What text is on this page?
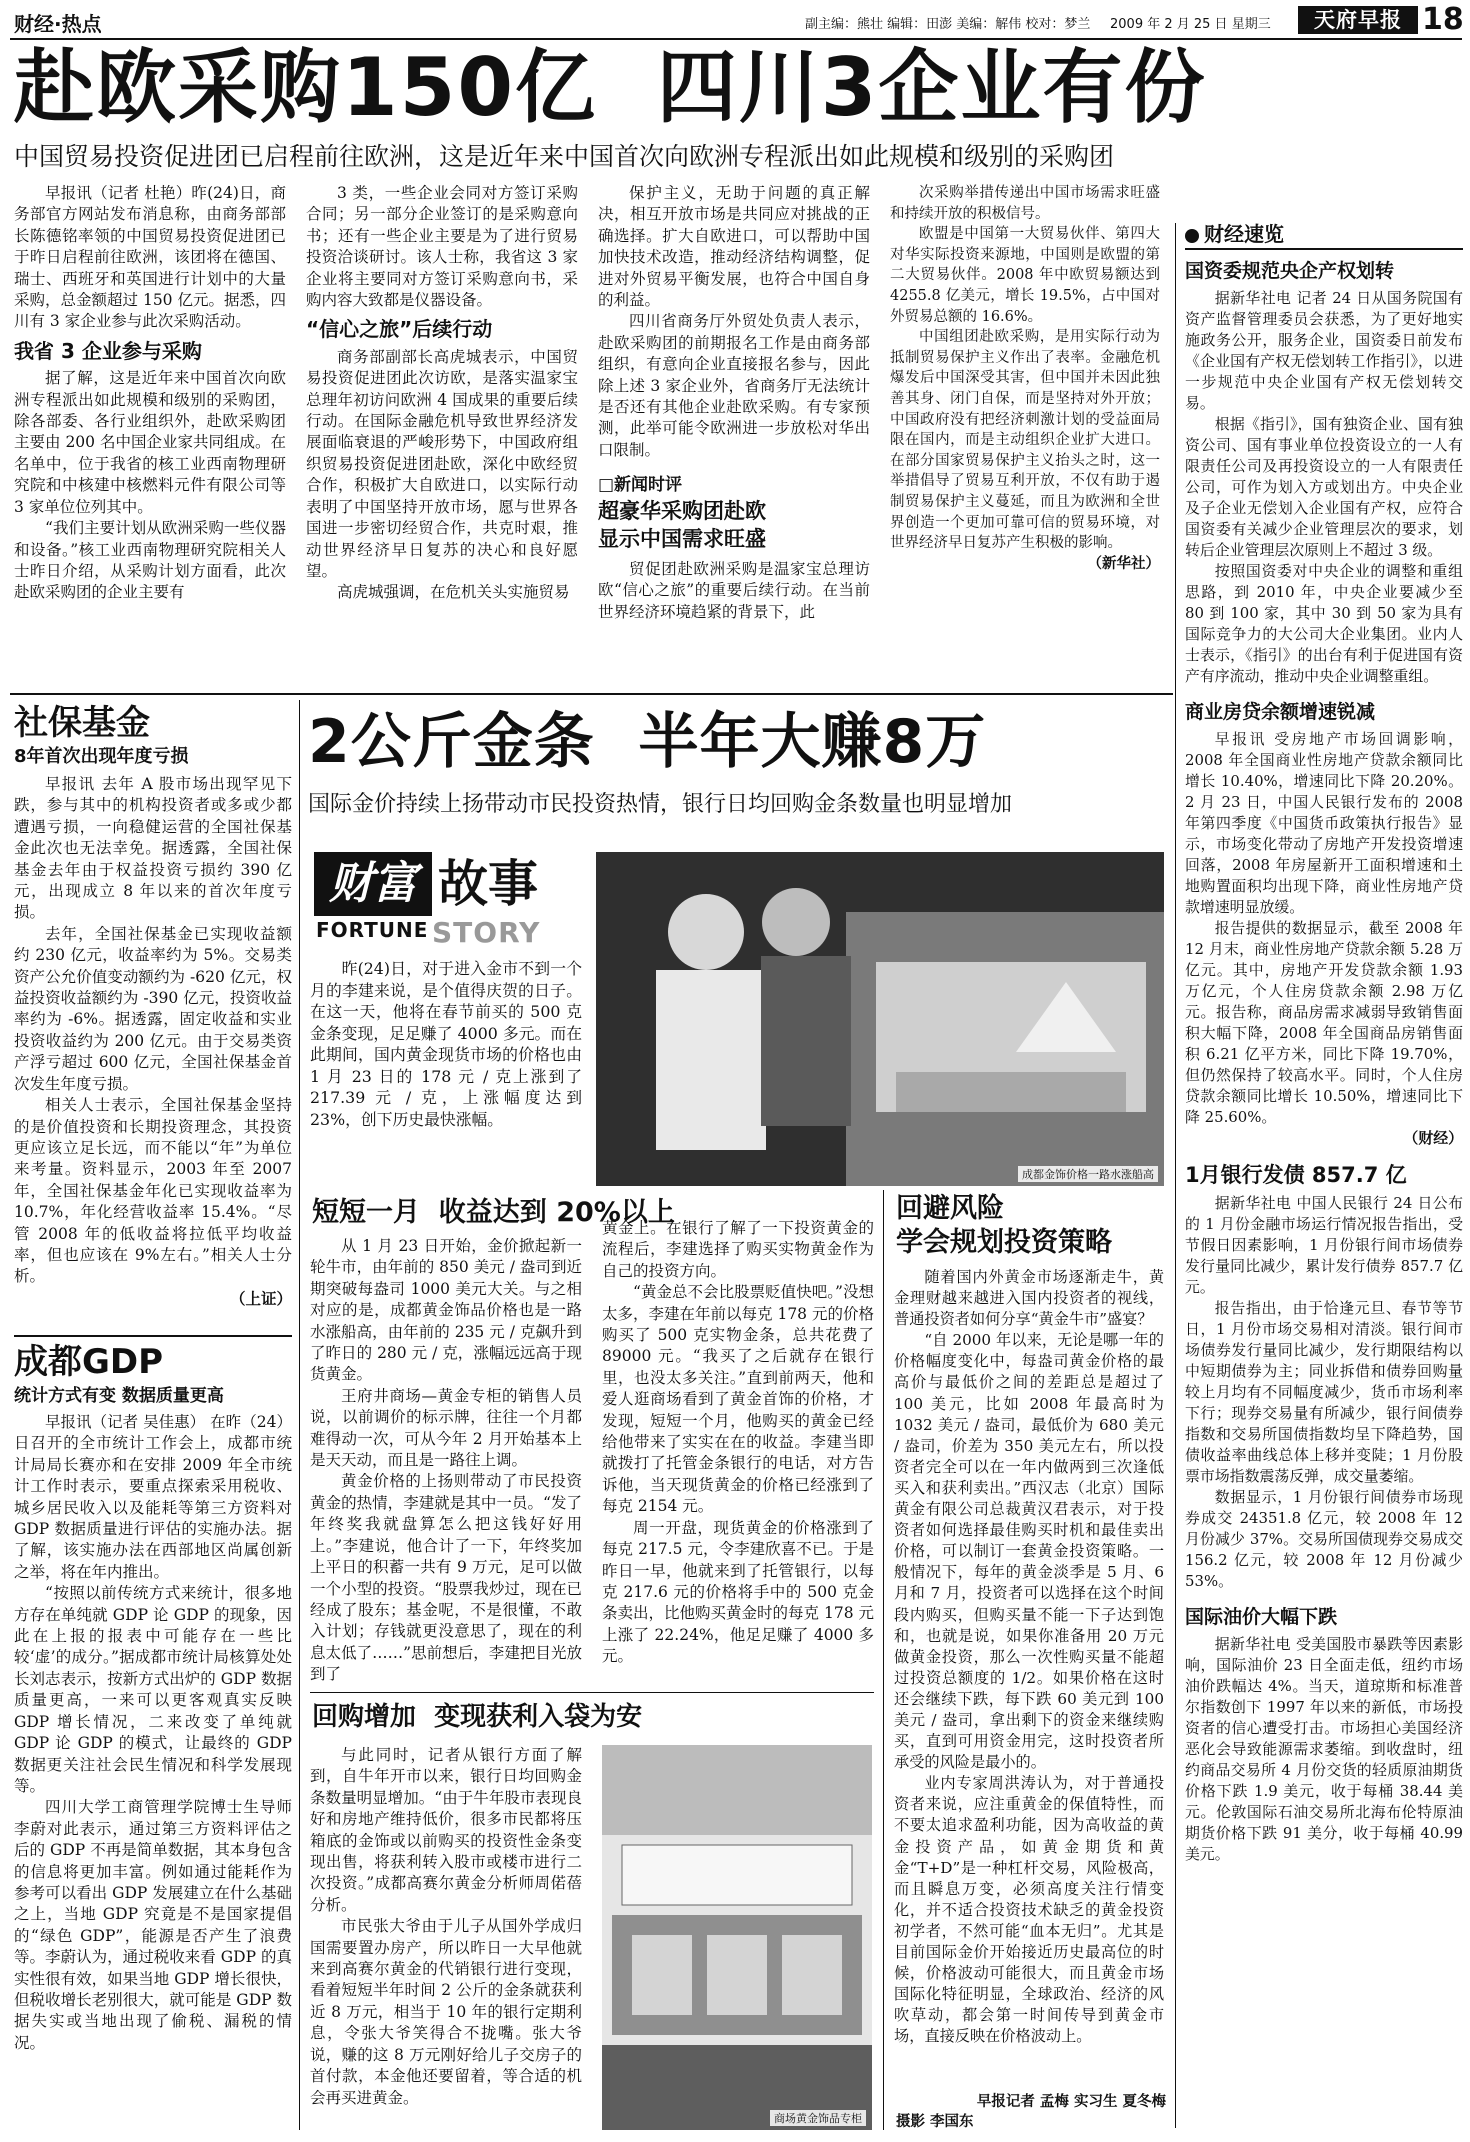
财经·热点	副主编：熊壮 编辑：田澎 美编：解伟 校对：梦兰 2009 年 2 月 25 日 星期三	天府早报 18
赴欧采购150亿  四川3企业有份
中国贸易投资促进团已启程前往欧洲，这是近年来中国首次向欧洲专程派出如此规模和级别的采购团

早报讯（记者 杜艳）昨(24)日，商务部官方网站发布消息称，由商务部部长陈德铭率领的中国贸易投资促进团已于昨日启程前往欧洲，该团将在德国、瑞士、西班牙和英国进行计划中的大量采购，总金额超过 150 亿元。据悉，四川有 3 家企业参与此次采购活动。

我省 3 企业参与采购

据了解，这是近年来中国首次向欧洲专程派出如此规模和级别的采购团，除各部委、各行业组织外，赴欧采购团主要由 200 名中国企业家共同组成。在名单中，位于我省的核工业西南物理研究院和中核建中核燃料元件有限公司等 3 家单位位列其中。

“我们主要计划从欧洲采购一些仪器和设备。”核工业西南物理研究院相关人士昨日介绍，从采购计划方面看，此次赴欧采购团的企业主要有

3 类，一些企业会同对方签订采购合同；另一部分企业签订的是采购意向书；还有一些企业主要是为了进行贸易投资洽谈研讨。该人士称，我省这 3 家企业将主要同对方签订采购意向书，采购内容大致都是仪器设备。

“信心之旅”后续行动

商务部副部长高虎城表示，中国贸易投资促进团此次访欧，是落实温家宝总理年初访问欧洲 4 国成果的重要后续行动。在国际金融危机导致世界经济发展面临衰退的严峻形势下，中国政府组织贸易投资促进团赴欧，深化中欧经贸合作，积极扩大自欧进口，以实际行动表明了中国坚持开放市场，愿与世界各国进一步密切经贸合作，共克时艰，推动世界经济早日复苏的决心和良好愿望。

高虎城强调，在危机关头实施贸易

保护主义，无助于问题的真正解决，相互开放市场是共同应对挑战的正确选择。扩大自欧进口，可以帮助中国加快技术改造，推动经济结构调整，促进对外贸易平衡发展，也符合中国自身的利益。

四川省商务厅外贸处负责人表示，赴欧采购团的前期报名工作是由商务部组织，有意向企业直接报名参与，因此除上述 3 家企业外，省商务厅无法统计是否还有其他企业赴欧采购。有专家预测，此举可能令欧洲进一步放松对华出口限制。

□新闻时评
超豪华采购团赴欧
显示中国需求旺盛

贸促团赴欧洲采购是温家宝总理访欧“信心之旅”的重要后续行动。在当前世界经济环境趋紧的背景下，此

次采购举措传递出中国市场需求旺盛和持续开放的积极信号。

欧盟是中国第一大贸易伙伴、第四大对华实际投资来源地，中国则是欧盟的第二大贸易伙伴。2008 年中欧贸易额达到 4255.8 亿美元，增长 19.5%，占中国对外贸易总额的 16.6%。

中国组团赴欧采购，是用实际行动为抵制贸易保护主义作出了表率。金融危机爆发后中国深受其害，但中国并未因此独善其身、闭门自保，而是坚持对外开放；中国政府没有把经济刺激计划的受益面局限在国内，而是主动组织企业扩大进口。在部分国家贸易保护主义抬头之时，这一举措倡导了贸易互利开放，不仅有助于遏制贸易保护主义蔓延，而且为欧洲和全世界创造一个更加可靠可信的贸易环境，对世界经济早日复苏产生积极的影响。

（新华社）
财经速览
国资委规范央企产权划转

据新华社电 记者 24 日从国务院国有资产监督管理委员会获悉，为了更好地实施政务公开，服务企业，国资委日前发布《企业国有产权无偿划转工作指引》，以进一步规范中央企业国有产权无偿划转交易。

根据《指引》，国有独资企业、国有独资公司、国有事业单位投资设立的一人有限责任公司及再投资设立的一人有限责任公司，可作为划入方或划出方。中央企业及子企业无偿划入企业国有产权，应符合国资委有关减少企业管理层次的要求，划转后企业管理层次原则上不超过 3 级。

按照国资委对中央企业的调整和重组思路，到 2010 年，中央企业要减少至 80 到 100 家，其中 30 到 50 家为具有国际竞争力的大公司大企业集团。业内人士表示，《指引》的出台有利于促进国有资产有序流动，推动中央企业调整重组。

商业房贷余额增速锐减

早报讯 受房地产市场回调影响，2008 年全国商业性房地产贷款余额同比增长 10.40%，增速同比下降 20.20%。2 月 23 日，中国人民银行发布的 2008 年第四季度《中国货币政策执行报告》显示，市场变化带动了房地产开发投资增速回落，2008 年房屋新开工面积增速和土地购置面积均出现下降，商业性房地产贷款增速明显放缓。

报告提供的数据显示，截至 2008 年 12 月末，商业性房地产贷款余额 5.28 万亿元。其中，房地产开发贷款余额 1.93 万亿元，个人住房贷款余额 2.98 万亿元。报告称，商品房需求减弱导致销售面积大幅下降，2008 年全国商品房销售面积 6.21 亿平方米，同比下降 19.70%，但仍然保持了较高水平。同时，个人住房贷款余额同比增长 10.50%，增速同比下降 25.60%。

（财经）
1月银行发债 857.7 亿

据新华社电 中国人民银行 24 日公布的 1 月份金融市场运行情况报告指出，受节假日因素影响，1 月份银行间市场债券发行量同比减少，累计发行债券 857.7 亿元。

报告指出，由于恰逢元旦、春节等节日，1 月份市场交易相对清淡。银行间市场债券发行量同比减少，发行期限结构以中短期债券为主；同业拆借和债券回购量较上月均有不同幅度减少，货币市场利率下行；现券交易量有所减少，银行间债券指数和交易所国债指数均呈下降趋势，国债收益率曲线总体上移并变陡；1 月份股票市场指数震荡反弹，成交量萎缩。

数据显示，1 月份银行间债券市场现券成交 24351.8 亿元，较 2008 年 12 月份减少 37%。交易所国债现券交易成交 156.2 亿元，较 2008 年 12 月份减少 53%。

国际油价大幅下跌

据新华社电 受美国股市暴跌等因素影响，国际油价 23 日全面走低，纽约市场油价跌幅达 4%。当天，道琼斯和标准普尔指数创下 1997 年以来的新低，市场投资者的信心遭受打击。市场担心美国经济恶化会导致能源需求萎缩。到收盘时，纽约商品交易所 4 月份交货的轻质原油期货价格下跌 1.9 美元，收于每桶 38.44 美元。伦敦国际石油交易所北海布伦特原油期货价格下跌 91 美分，收于每桶 40.99 美元。

社保基金
8年首次出现年度亏损

早报讯 去年 A 股市场出现罕见下跌，参与其中的机构投资者或多或少都遭遇亏损，一向稳健运营的全国社保基金此次也无法幸免。据透露，全国社保基金去年由于权益投资亏损约 390 亿元，出现成立 8 年以来的首次年度亏损。

去年，全国社保基金已实现收益额约 230 亿元，收益率约为 5%。交易类资产公允价值变动额约为 -620 亿元，权益投资收益额约为 -390 亿元，投资收益率约为 -6%。据透露，固定收益和实业投资收益约为 200 亿元。由于交易类资产浮亏超过 600 亿元，全国社保基金首次发生年度亏损。

相关人士表示，全国社保基金坚持的是价值投资和长期投资理念，其投资更应该立足长远，而不能以“年”为单位来考量。资料显示，2003 年至 2007 年，全国社保基金年化已实现收益率为 10.7%，年化经营收益率 15.4%。“尽管 2008 年的低收益将拉低平均收益率，但也应该在 9%左右。”相关人士分析。

（上证）
成都GDP
统计方式有变 数据质量更高

早报讯（记者 吴佳惠） 在昨（24）日召开的全市统计工作会上，成都市统计局局长赛亦和在安排 2009 年全市统计工作时表示，要重点探索采用税收、城乡居民收入以及能耗等第三方资料对 GDP 数据质量进行评估的实施办法。据了解，该实施办法在西部地区尚属创新之举，将在年内推出。

“按照以前传统方式来统计，很多地方存在单纯就 GDP 论 GDP 的现象，因此在上报的报表中可能存在一些比较‘虚’的成分。”据成都市统计局核算处处长刘志表示，按新方式出炉的 GDP 数据质量更高，一来可以更客观真实反映 GDP 增长情况，二来改变了单纯就 GDP 论 GDP 的模式，让最终的 GDP 数据更关注社会民生情况和科学发展现等。

四川大学工商管理学院博士生导师李蔚对此表示，通过第三方资料评估之后的 GDP 不再是简单数据，其本身包含的信息将更加丰富。例如通过能耗作为参考可以看出 GDP 发展建立在什么基础之上，当地 GDP 究竟是不是国家提倡的“绿色 GDP”，能源是否产生了浪费等。李蔚认为，通过税收来看 GDP 的真实性很有效，如果当地 GDP 增长很快，但税收增长老别很大，就可能是 GDP 数据失实或当地出现了偷税、漏税的情况。

2公斤金条  半年大赚8万
国际金价持续上扬带动市民投资热情，银行日均回购金条数量也明显增加
财富 故事
FORTUNE STORY

昨(24)日，对于进入金市不到一个月的李建来说，是个值得庆贺的日子。在这一天，他将在春节前买的 500 克金条变现，足足赚了 4000 多元。而在此期间，国内黄金现货市场的价格也由 1 月 23 日的 178 元 / 克上涨到了 217.39 元 / 克，上涨幅度达到 23%，创下历史最快涨幅。

成都金饰价格一路水涨船高
短短一月  收益达到 20%以上

从 1 月 23 日开始，金价掀起新一轮牛市，由年前的 850 美元 / 盎司到近期突破每盎司 1000 美元大关。与之相对应的是，成都黄金饰品价格也是一路水涨船高，由年前的 235 元 / 克飙升到了昨日的 280 元 / 克，涨幅远远高于现货黄金。

王府井商场—黄金专柜的销售人员说，以前调价的标示牌，往往一个月都难得动一次，可从今年 2 月开始基本上是天天动，而且是一路往上调。

黄金价格的上扬则带动了市民投资黄金的热情，李建就是其中一员。“发了年终奖我就盘算怎么把这钱好好用上。”李建说，他合计了一下，年终奖加上平日的积蓄一共有 9 万元，足可以做一个小型的投资。“股票我炒过，现在已经成了股东；基金呢，不是很懂，不敢入计划；存钱就更没意思了，现在的利息太低了……”思前想后，李建把目光放到了

黄金上。在银行了解了一下投资黄金的流程后，李建选择了购买实物黄金作为自己的投资方向。

“黄金总不会比股票贬值快吧。”没想太多，李建在年前以每克 178 元的价格购买了 500 克实物金条，总共花费了 89000 元。“我买了之后就存在银行里，也没太多关注。”直到前两天，他和爱人逛商场看到了黄金首饰的价格，才发现，短短一个月，他购买的黄金已经给他带来了实实在在的收益。李建当即就拨打了托管金条银行的电话，对方告诉他，当天现货黄金的价格已经涨到了每克 2154 元。

周一开盘，现货黄金的价格涨到了每克 217.5 元，令李建欣喜不已。于是昨日一早，他就来到了托管银行，以每克 217.6 元的价格将手中的 500 克金条卖出，比他购买黄金时的每克 178 元上涨了 22.24%，他足足赚了 4000 多元。

回购增加  变现获利入袋为安

与此同时，记者从银行方面了解到，自牛年开市以来，银行日均回购金条数量明显增加。“由于牛年股市表现良好和房地产维持低价，很多市民都将压箱底的金饰或以前购买的投资性金条变现出售，将获利转入股市或楼市进行二次投资。”成都高赛尔黄金分析师周偌蓓分析。

市民张大爷由于儿子从国外学成归国需要置办房产，所以昨日一大早他就来到高赛尔黄金的代销银行进行变现，看着短短半年时间 2 公斤的金条就获利近 8 万元，相当于 10 年的银行定期利息，令张大爷笑得合不拢嘴。张大爷说，赚的这 8 万元刚好给儿子交房子的首付款，本金他还要留着，等合适的机会再买进黄金。

商场黄金饰品专柜
回避风险
学会规划投资策略

随着国内外黄金市场逐渐走牛，黄金理财越来越进入国内投资者的视线，普通投资者如何分享“黄金牛市”盛宴？

“自 2000 年以来，无论是哪一年的价格幅度变化中，每盎司黄金价格的最高价与最低价之间的差距总是超过了 100 美元，比如 2008 年最高时为 1032 美元 / 盎司，最低价为 680 美元 / 盎司，价差为 350 美元左右，所以投资者完全可以在一年内做两到三次逢低买入和获利卖出。”西汉志（北京）国际黄金有限公司总裁黄汉君表示，对于投资者如何选择最佳购买时机和最佳卖出价格，可以制订一套黄金投资策略。一般情况下，每年的黄金淡季是 5 月、6 月和 7 月，投资者可以选择在这个时间段内购买，但购买量不能一下子达到饱和，也就是说，如果你准备用 20 万元做黄金投资，那么一次性购买量不能超过投资总额度的 1/2。如果价格在这时还会继续下跌，每下跌 60 美元到 100 美元 / 盎司，拿出剩下的资金来继续购买，直到可用资金用完，这时投资者所承受的风险是最小的。

业内专家周洪涛认为，对于普通投资者来说，应注重黄金的保值特性，而不要太追求盈利功能，因为高收益的黄金投资产品，如黄金期货和黄金“T+D”是一种杠杆交易，风险极高，而且瞬息万变，必须高度关注行情变化，并不适合投资技术缺乏的黄金投资初学者，不然可能“血本无归”。尤其是目前国际金价开始接近历史最高位的时候，价格波动可能很大，而且黄金市场国际化特征明显，全球政治、经济的风吹草动，都会第一时间传导到黄金市场，直接反映在价格波动上。

早报记者 孟梅 实习生 夏冬梅
摄影 李国东
